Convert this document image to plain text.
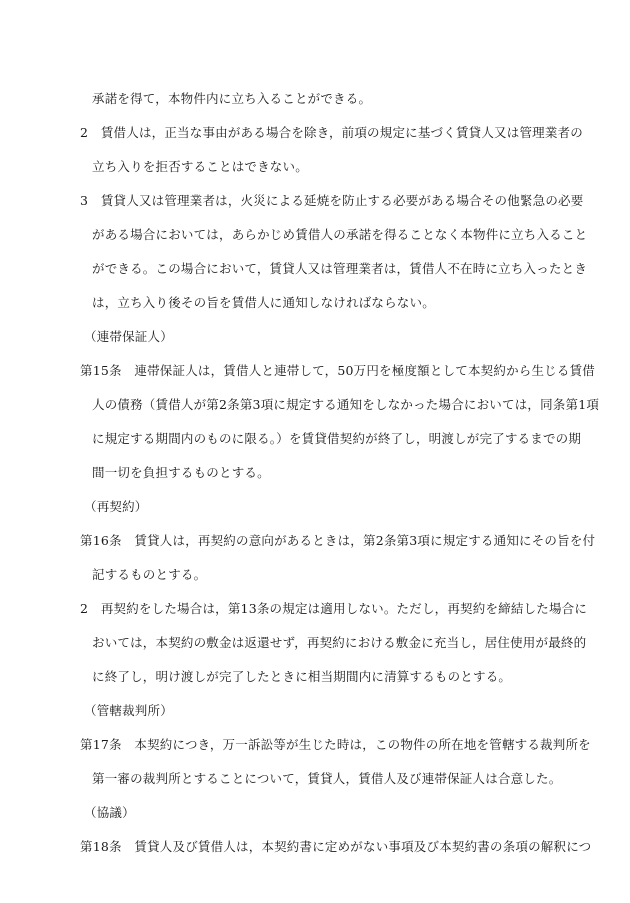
承諾を得て，本物件内に立ち入ることができる。
2　賃借人は，正当な事由がある場合を除き，前項の規定に基づく賃貸人又は管理業者の
立ち入りを拒否することはできない。
3　賃貸人又は管理業者は，火災による延焼を防止する必要がある場合その他緊急の必要
がある場合においては，あらかじめ賃借人の承諾を得ることなく本物件に立ち入ること
ができる。この場合において，賃貸人又は管理業者は，賃借人不在時に立ち入ったとき
は，立ち入り後その旨を賃借人に通知しなければならない。
（連帯保証人）
第15条　連帯保証人は，賃借人と連帯して，50万円を極度額として本契約から生じる賃借
人の債務（賃借人が第2条第3項に規定する通知をしなかった場合においては，同条第1項
に規定する期間内のものに限る。）を賃貸借契約が終了し，明渡しが完了するまでの期
間一切を負担するものとする。
（再契約）
第16条　賃貸人は，再契約の意向があるときは，第2条第3項に規定する通知にその旨を付
記するものとする。
2　再契約をした場合は，第13条の規定は適用しない。ただし，再契約を締結した場合に
おいては，本契約の敷金は返還せず，再契約における敷金に充当し，居住使用が最終的
に終了し，明け渡しが完了したときに相当期間内に清算するものとする。
（管轄裁判所）
第17条　本契約につき，万一訴訟等が生じた時は，この物件の所在地を管轄する裁判所を
第一審の裁判所とすることについて，賃貸人，賃借人及び連帯保証人は合意した。
（協議）
第18条　賃貸人及び賃借人は，本契約書に定めがない事項及び本契約書の条項の解釈につ
